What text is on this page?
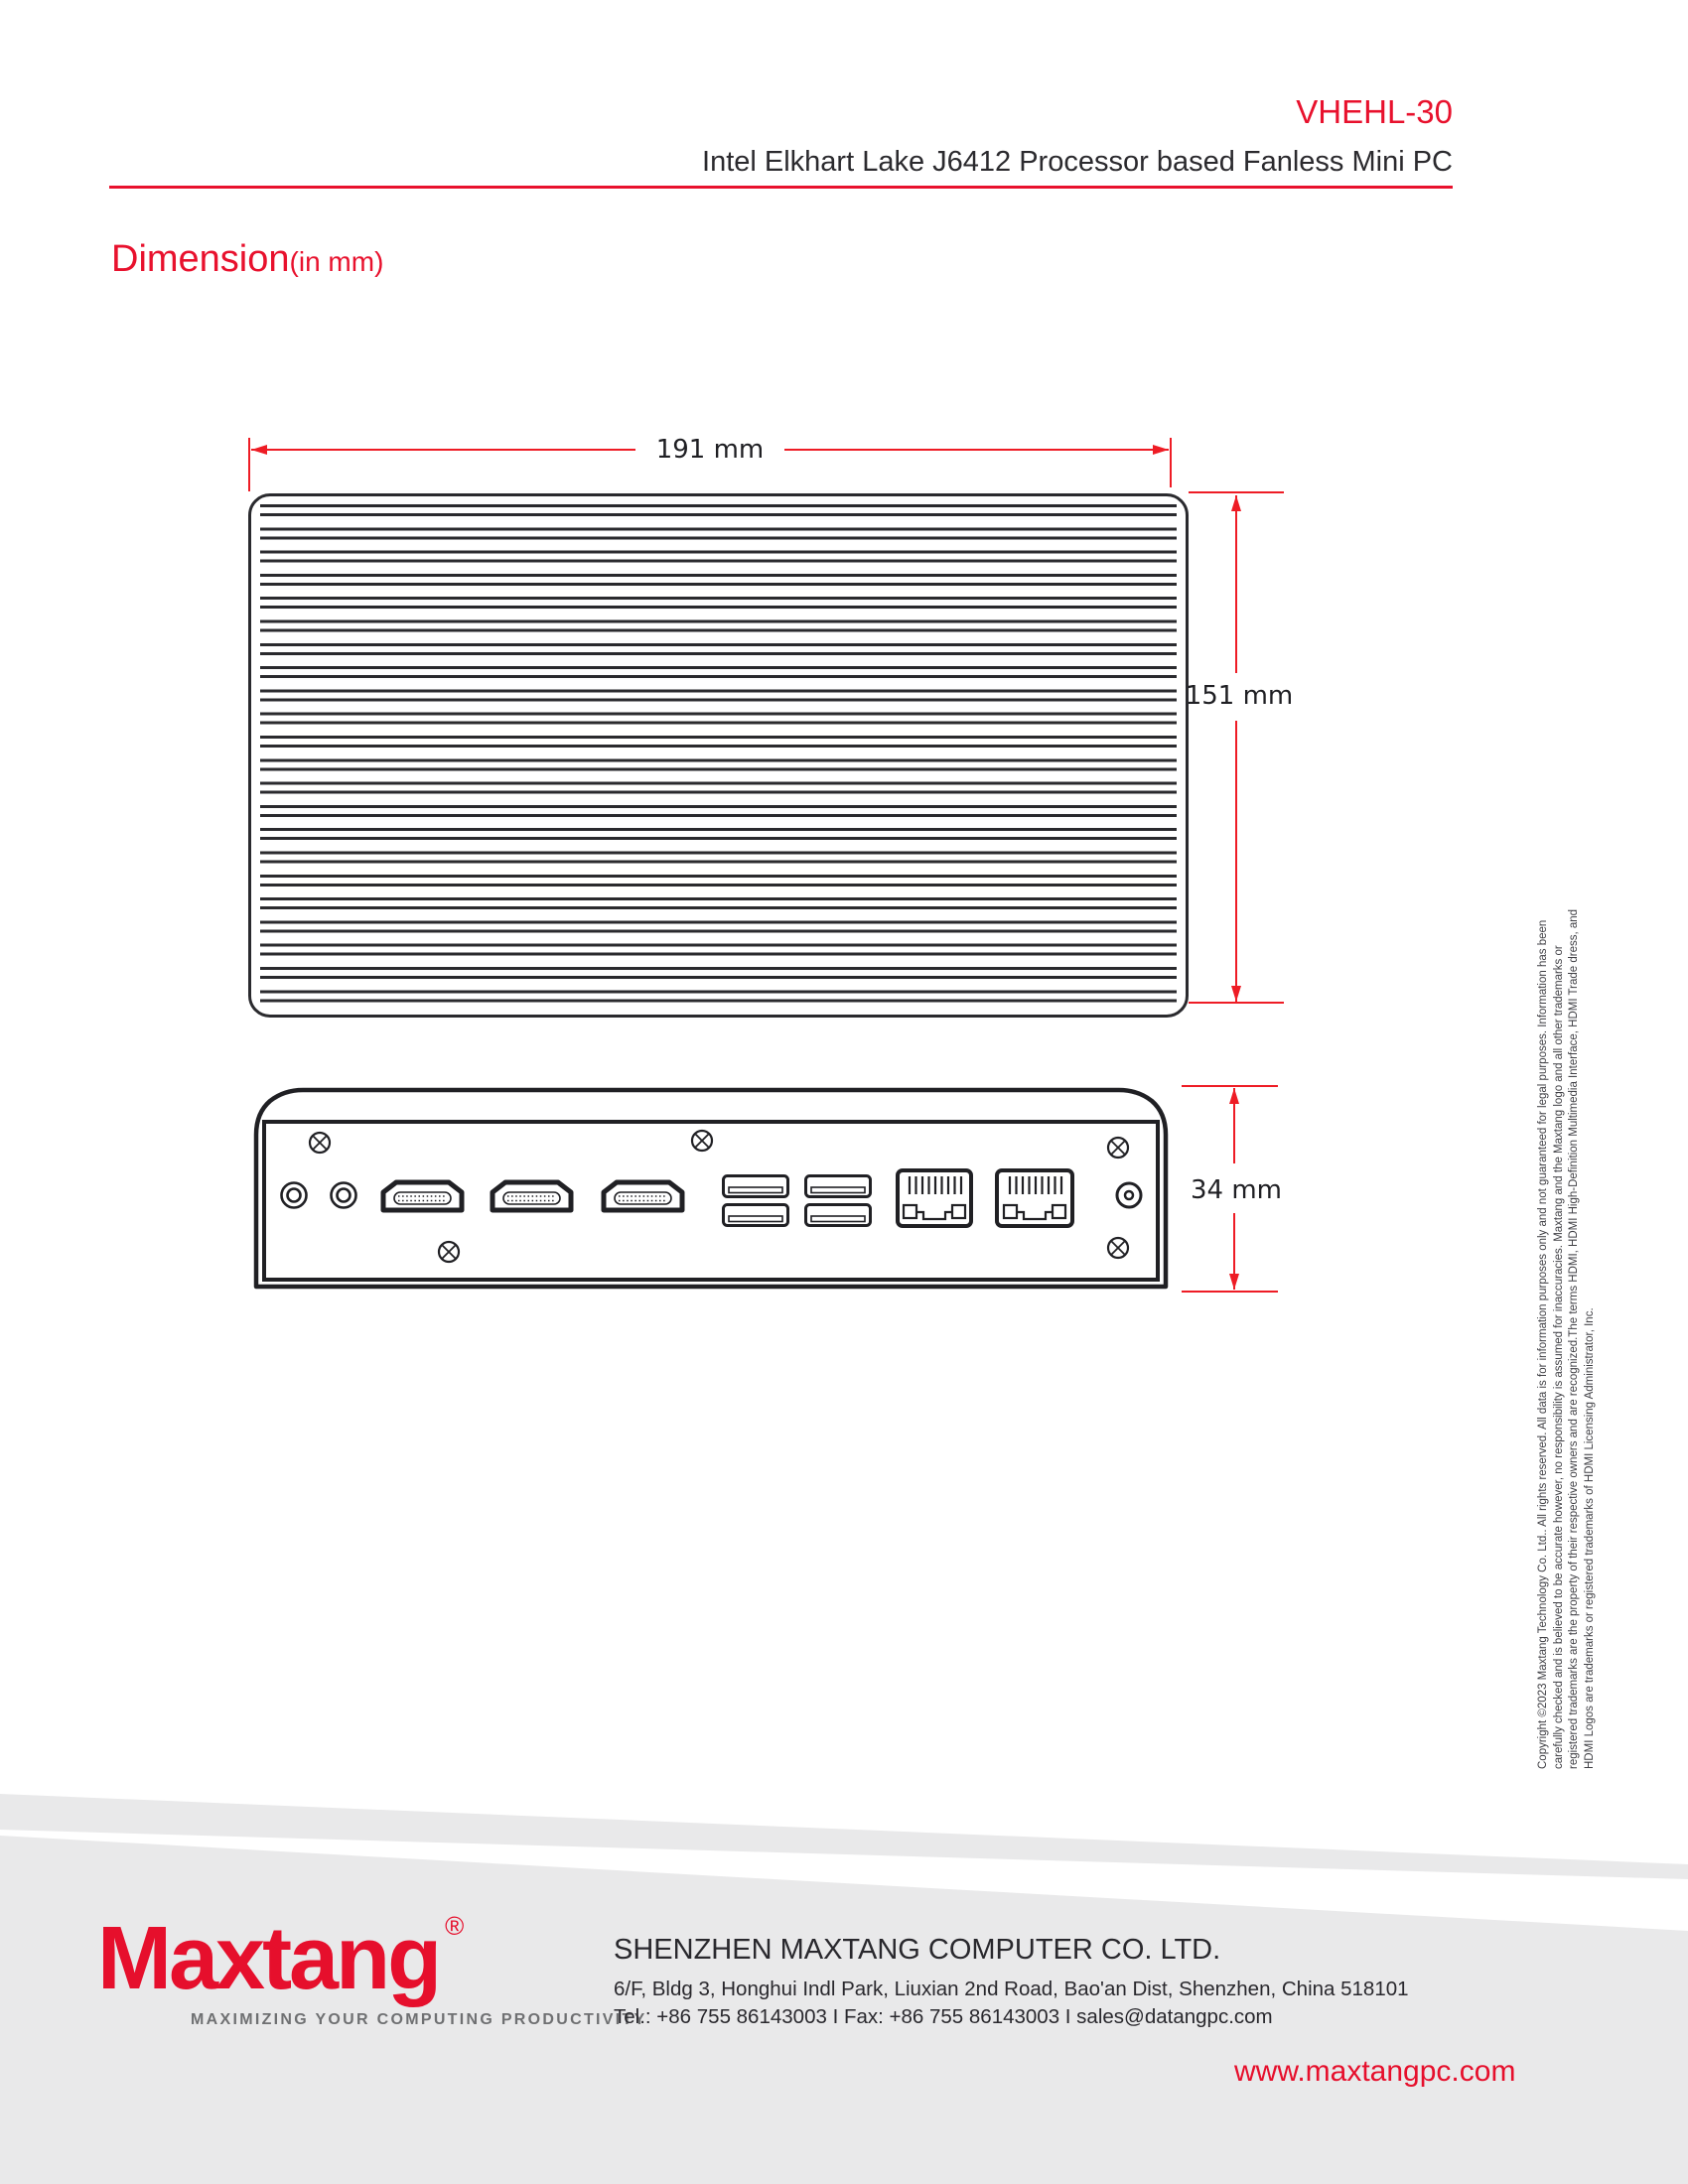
VHEHL-30
Intel Elkhart Lake J6412 Processor based Fanless Mini PC
Dimension(in mm)
191 mm
151 mm
34 mm	Copyright ©2023 Maxtang Technology Co. Ltd.. All rights reserved. All data is for information purposes only and not guaranteed for legal purposes. Information has been carefully checked and is believed to be accurate however, no responsibility is assumed for inaccuracies. Maxtang and the Maxtang logo and all other trademarks or registered trademarks are the property of their respective owners and are recognized.The terms HDMI, HDMI High-Definition Multimedia Interface, HDMI Trade dress, and HDMI Logos are trademarks or registered trademarks of HDMI Licensing Administrator, Inc.
Maxtang ®
MAXIMIZING YOUR COMPUTING PRODUCTIVITY
SHENZHEN MAXTANG COMPUTER CO. LTD.
6/F, Bldg 3, Honghui Indl Park, Liuxian 2nd Road, Bao'an Dist, Shenzhen, China 518101
Tel.: +86 755 86143003 I Fax: +86 755 86143003 I sales@datangpc.com
www.maxtangpc.com
